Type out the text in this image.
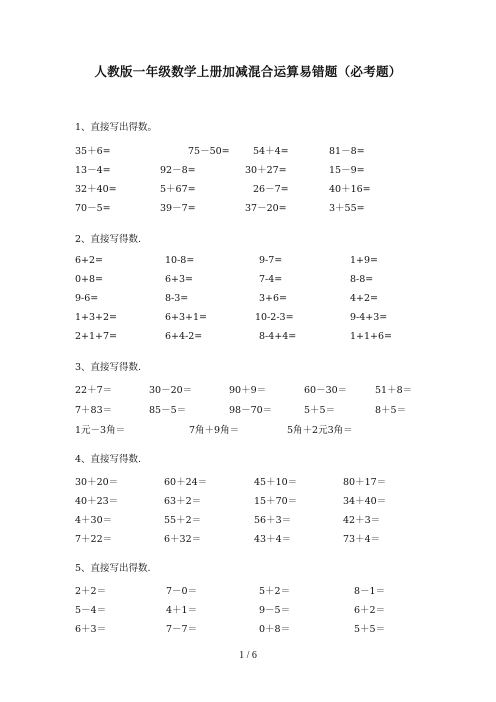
人教版一年级数学上册加减混合运算易错题（必考题）
1、直接写出得数。
35＋6=	75－50= 54＋4=	81－8=
13－4=	92－8=	30＋27=	15－9=
32＋40=	5＋67=	26－7=	40＋16=
70－5=	39－7=	37－20=	3＋55=
2、直接写得数.
6+2=	10-8=	9-7=	1+9=
0+8=	6+3=	7-4=	8-8=
9-6=	8-3=	3+6=	4+2=
1+3+2=	6+3+1=	10-2-3=	9-4+3=
2+1+7=	6+4-2=	8-4+4=	1+1+6=
3、直接写得数.
22＋7＝	30－20＝	90＋9＝	60－30＝	51＋8＝
7＋83＝	85－5＝	98－70＝	5＋5＝	8＋5＝
1元－3角＝	7角＋9角＝	5角＋2元3角＝
4、直接写得数.
30＋20＝	60＋24＝	45＋10＝	80＋17＝
40＋23＝	63＋2＝	15＋70＝	34＋40＝
4＋30＝	55＋2＝	56＋3＝	42＋3＝
7＋22＝	6＋32＝	43＋4＝	73＋4＝
5、直接写出得数.
2＋2＝	7－0＝	5＋2＝	8－1＝
5－4＝	4＋1＝	9－5＝	6＋2＝
6＋3＝	7－7＝	0＋8＝	5＋5＝
1 / 6
